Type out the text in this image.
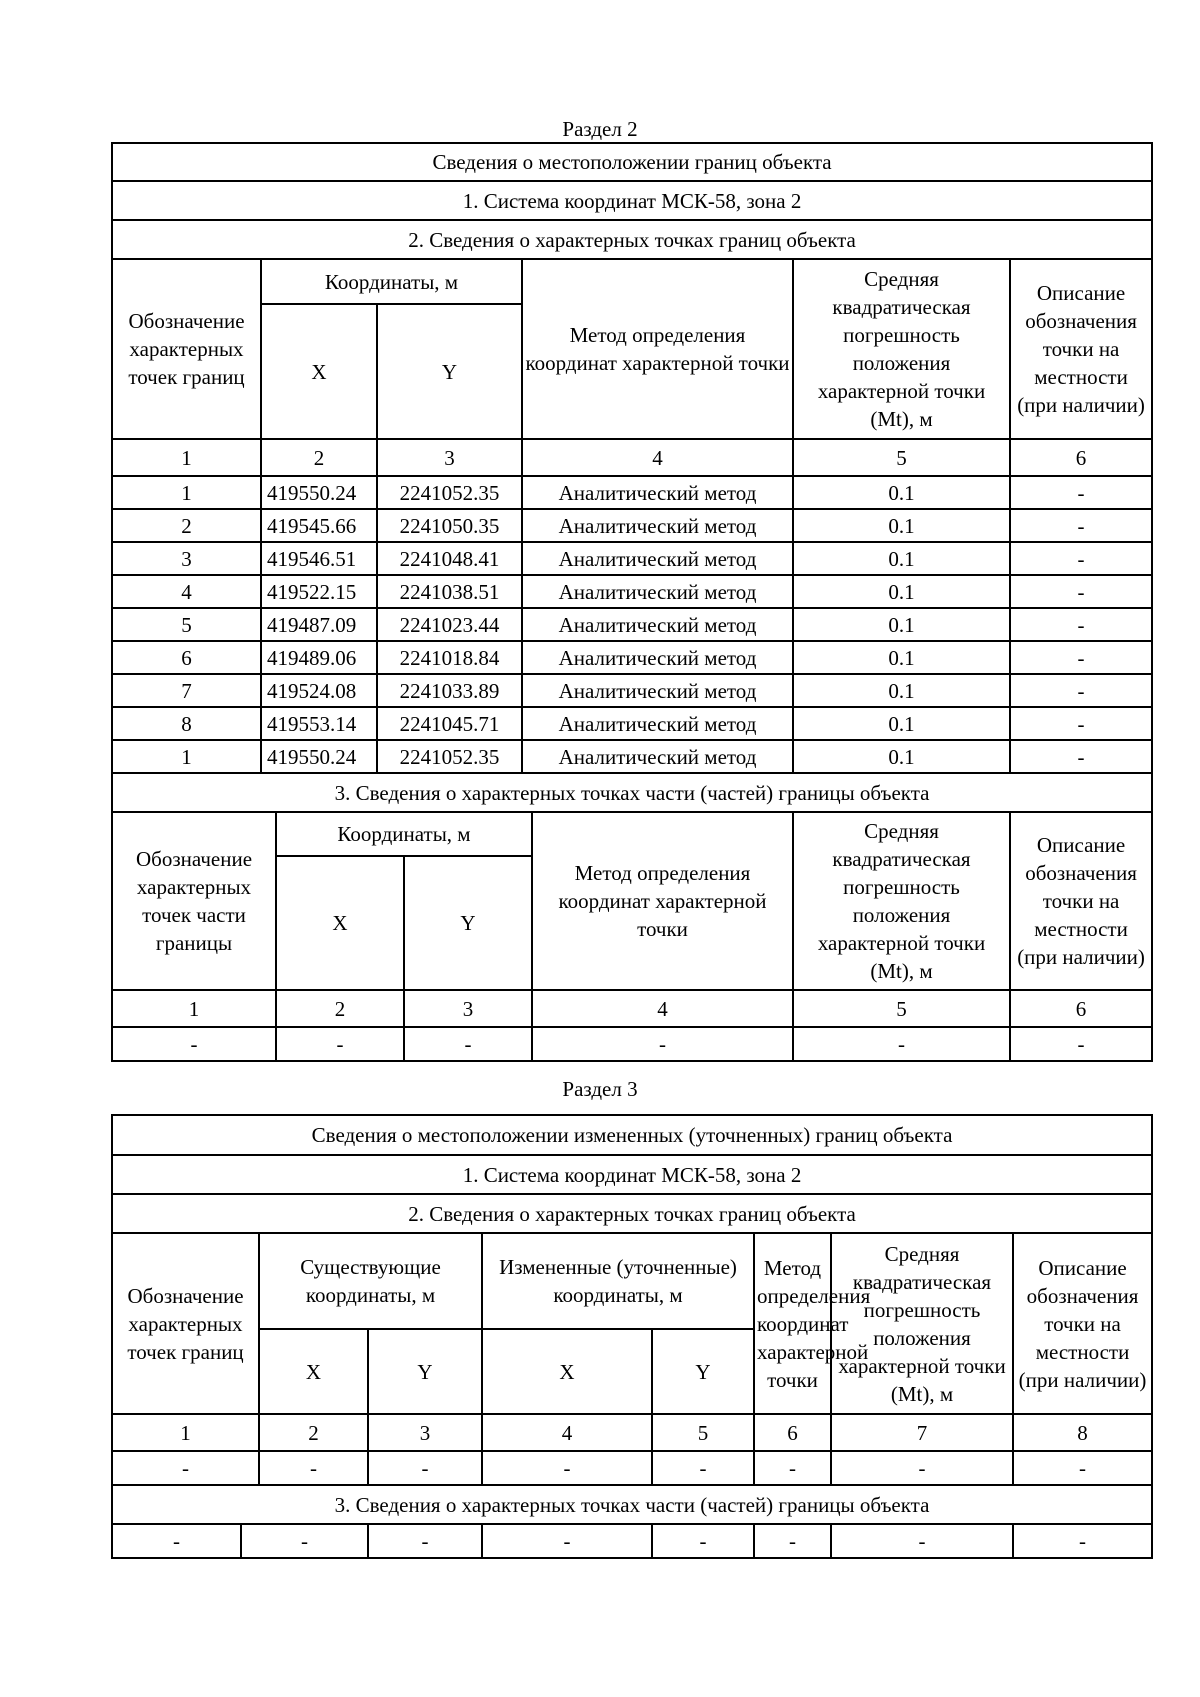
Раздел 2
Сведения о местоположении границ объекта								
1. Система координат МСК-58, зона 2								
2. Сведения о характерных точках границ объекта								
Обозначение характерных точек границ	Координаты, м				Метод определения координат характерной точки		Средняя квадратическая погрешность положения характерной точки (Mt), м	Описание обозначения точки на местности (при наличии)
	X		Y					
1	2		3		4		5	6
1	419550.24		2241052.35		Аналитический метод		0.1	-
2	419545.66		2241050.35		Аналитический метод		0.1	-
3	419546.51		2241048.41		Аналитический метод		0.1	-
4	419522.15		2241038.51		Аналитический метод		0.1	-
5	419487.09		2241023.44		Аналитический метод		0.1	-
6	419489.06		2241018.84		Аналитический метод		0.1	-
7	419524.08		2241033.89		Аналитический метод		0.1	-
8	419553.14		2241045.71		Аналитический метод		0.1	-
1	419550.24		2241052.35		Аналитический метод		0.1	-
3. Сведения о характерных точках части (частей) границы объекта								
Обозначение характерных точек части границы		Координаты, м				Метод определения координат характерной точки	Средняя квадратическая погрешность положения характерной точки (Mt), м	Описание обозначения точки на местности (при наличии)
		X		Y				
1		2		3		4	5	6
-		-		-		-	-	-
Раздел 3
Сведения о местоположении измененных (уточненных) границ объекта									
1. Система координат МСК-58, зона 2									
2. Сведения о характерных точках границ объекта									
Обозначение характерных точек границ		Существующие координаты, м		Измененные (уточненные) координаты, м		Метод определения координат характерной точки	Средняя квадратическая погрешность положения характерной точки (Mt), м	Описание обозначения точки на местности (при наличии)	
		X	Y	X	Y				
1		2	3	4	5	6	7	8	
-		-	-	-	-	-	-	-	
3. Сведения о характерных точках части (частей) границы объекта									
-	-		-	-	-	-	-	-	
